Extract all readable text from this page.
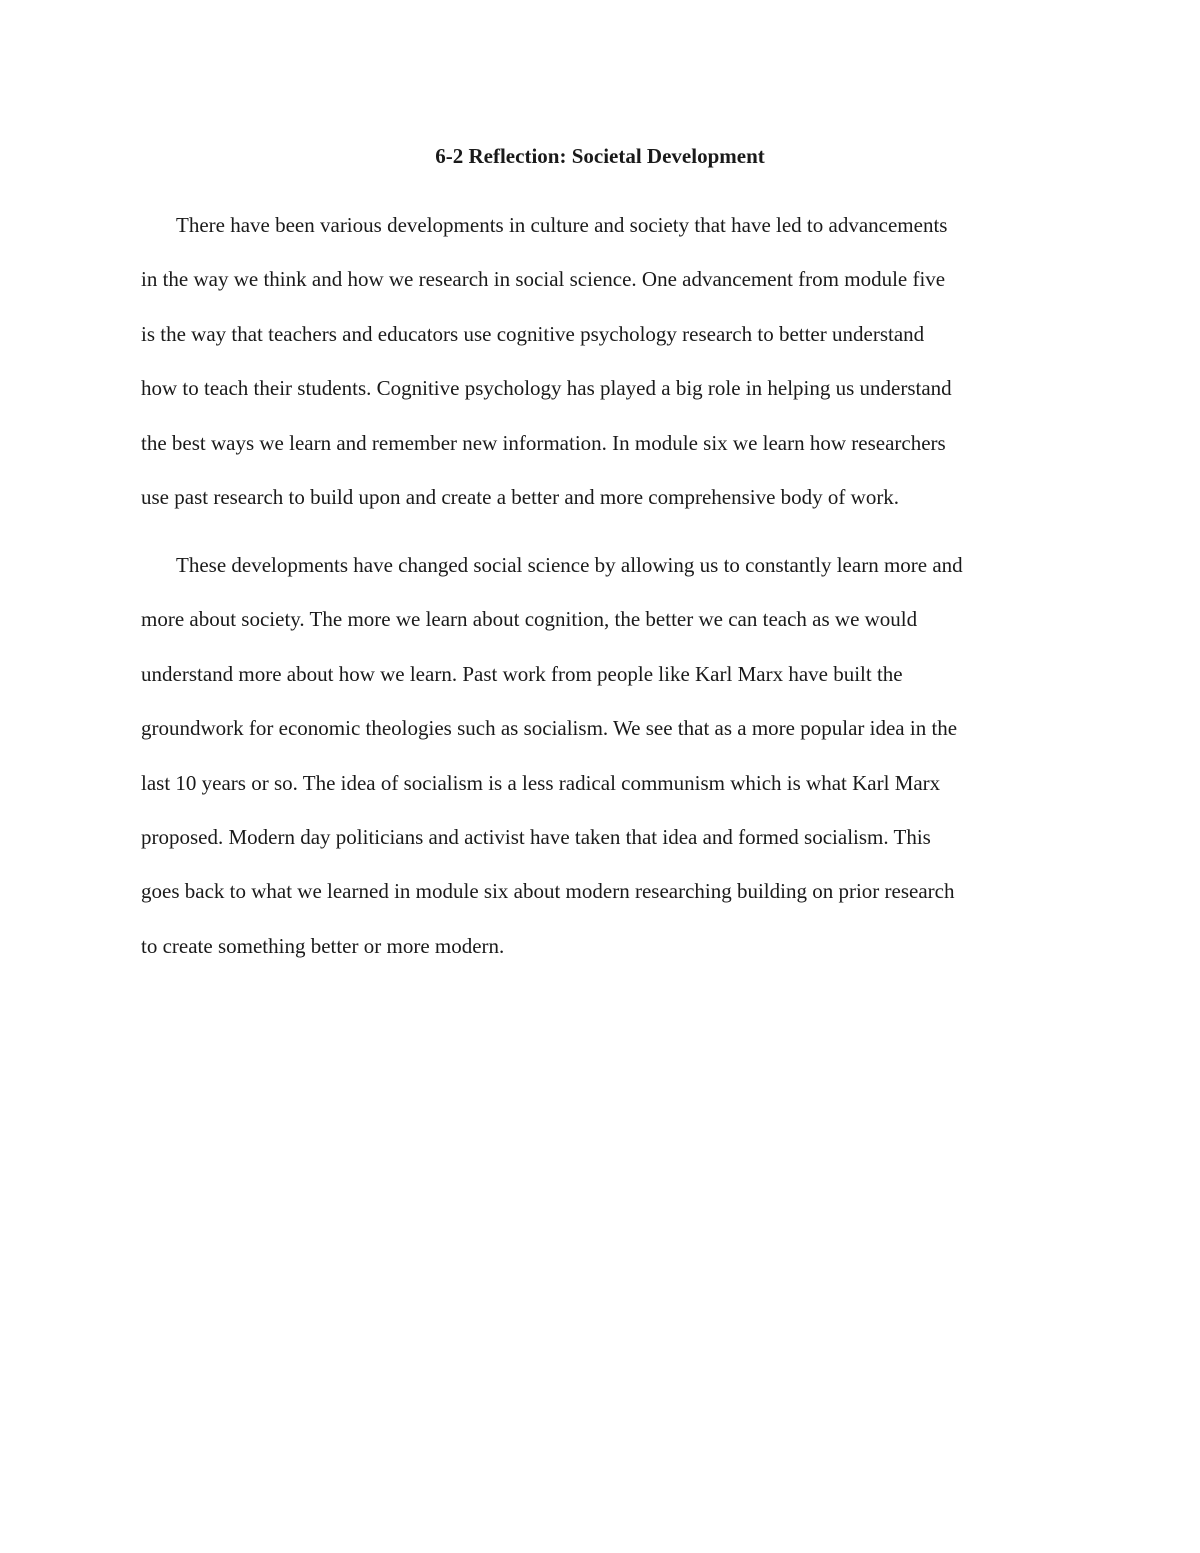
6-2 Reflection: Societal Development

There have been various developments in culture and society that have led to advancements
in the way we think and how we research in social science. One advancement from module five
is the way that teachers and educators use cognitive psychology research to better understand
how to teach their students. Cognitive psychology has played a big role in helping us understand
the best ways we learn and remember new information. In module six we learn how researchers
use past research to build upon and create a better and more comprehensive body of work.

These developments have changed social science by allowing us to constantly learn more and
more about society. The more we learn about cognition, the better we can teach as we would
understand more about how we learn. Past work from people like Karl Marx have built the
groundwork for economic theologies such as socialism. We see that as a more popular idea in the
last 10 years or so. The idea of socialism is a less radical communism which is what Karl Marx
proposed. Modern day politicians and activist have taken that idea and formed socialism. This
goes back to what we learned in module six about modern researching building on prior research
to create something better or more modern.
